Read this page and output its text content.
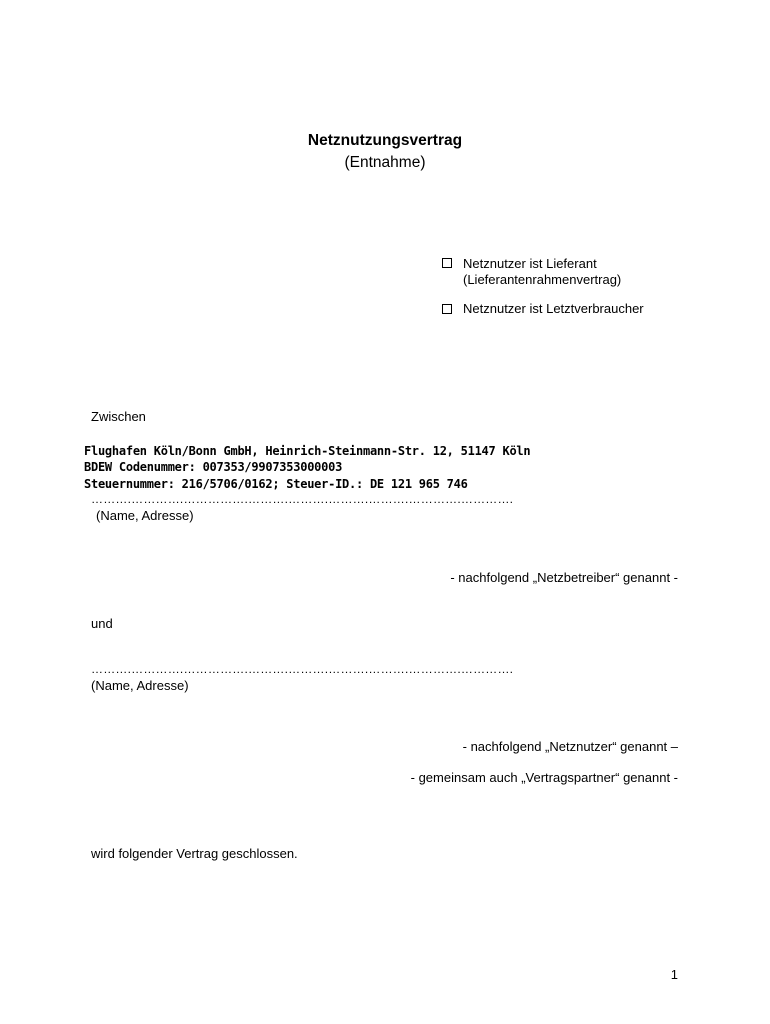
Netznutzungsvertrag
(Entnahme)
Netznutzer ist Lieferant
(Lieferantenrahmenvertrag)
Netznutzer ist Letztverbraucher
Zwischen
Flughafen Köln/Bonn GmbH, Heinrich-Steinmann-Str. 12, 51147 Köln
BDEW Codenummer: 007353/9907353000003
Steuernummer: 216/5706/0162; Steuer-ID.: DE 121 965 746
……….………….…………….……….……….……….……….………….………….
(Name, Adresse)
- nachfolgend „Netzbetreiber“ genannt -
und
……….………….…………….……….……….……….……….………….………….
(Name, Adresse)
- nachfolgend „Netznutzer“ genannt –
- gemeinsam auch „Vertragspartner“ genannt -
wird folgender Vertrag geschlossen.
1
